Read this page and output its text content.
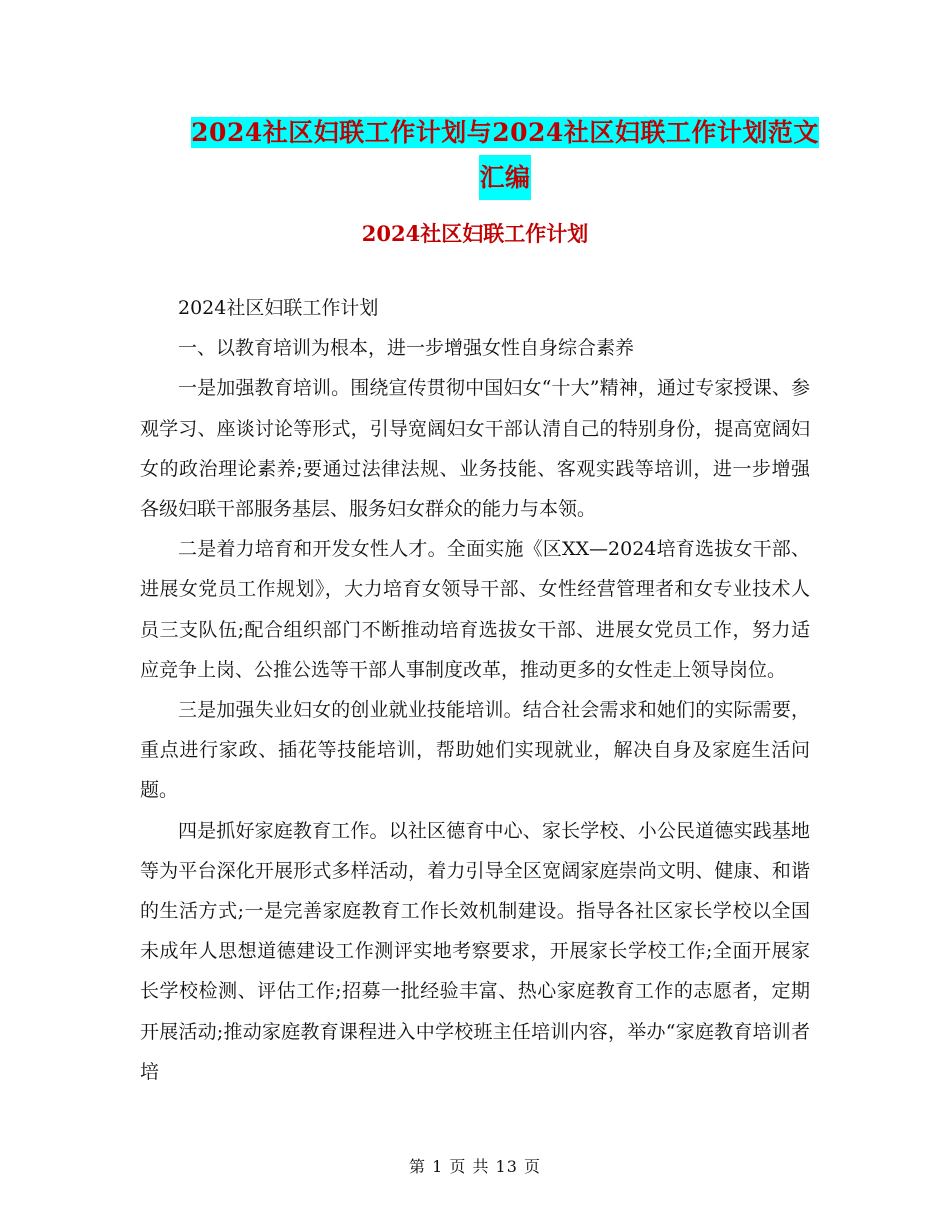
2024社区妇联工作计划与2024社区妇联工作计划范文
汇编
2024社区妇联工作计划

2024社区妇联工作计划

一、以教育培训为根本，进一步增强女性自身综合素养

一是加强教育培训。围绕宣传贯彻中国妇女“十大”精神，通过专家授课、参观学习、座谈讨论等形式，引导宽阔妇女干部认清自己的特别身份，提高宽阔妇女的政治理论素养;要通过法律法规、业务技能、客观实践等培训，进一步增强各级妇联干部服务基层、服务妇女群众的能力与本领。

二是着力培育和开发女性人才。全面实施《区XX—2024培育选拔女干部、进展女党员工作规划》，大力培育女领导干部、女性经营管理者和女专业技术人员三支队伍;配合组织部门不断推动培育选拔女干部、进展女党员工作，努力适应竞争上岗、公推公选等干部人事制度改革，推动更多的女性走上领导岗位。

三是加强失业妇女的创业就业技能培训。结合社会需求和她们的实际需要，重点进行家政、插花等技能培训，帮助她们实现就业，解决自身及家庭生活问题。

四是抓好家庭教育工作。以社区德育中心、家长学校、小公民道德实践基地等为平台深化开展形式多样活动，着力引导全区宽阔家庭崇尚文明、健康、和谐的生活方式;一是完善家庭教育工作长效机制建设。指导各社区家长学校以全国未成年人思想道德建设工作测评实地考察要求，开展家长学校工作;全面开展家长学校检测、评估工作;招募一批经验丰富、热心家庭教育工作的志愿者，定期开展活动;推动家庭教育课程进入中学校班主任培训内容，举办“家庭教育培训者培

第 1 页 共 13 页
